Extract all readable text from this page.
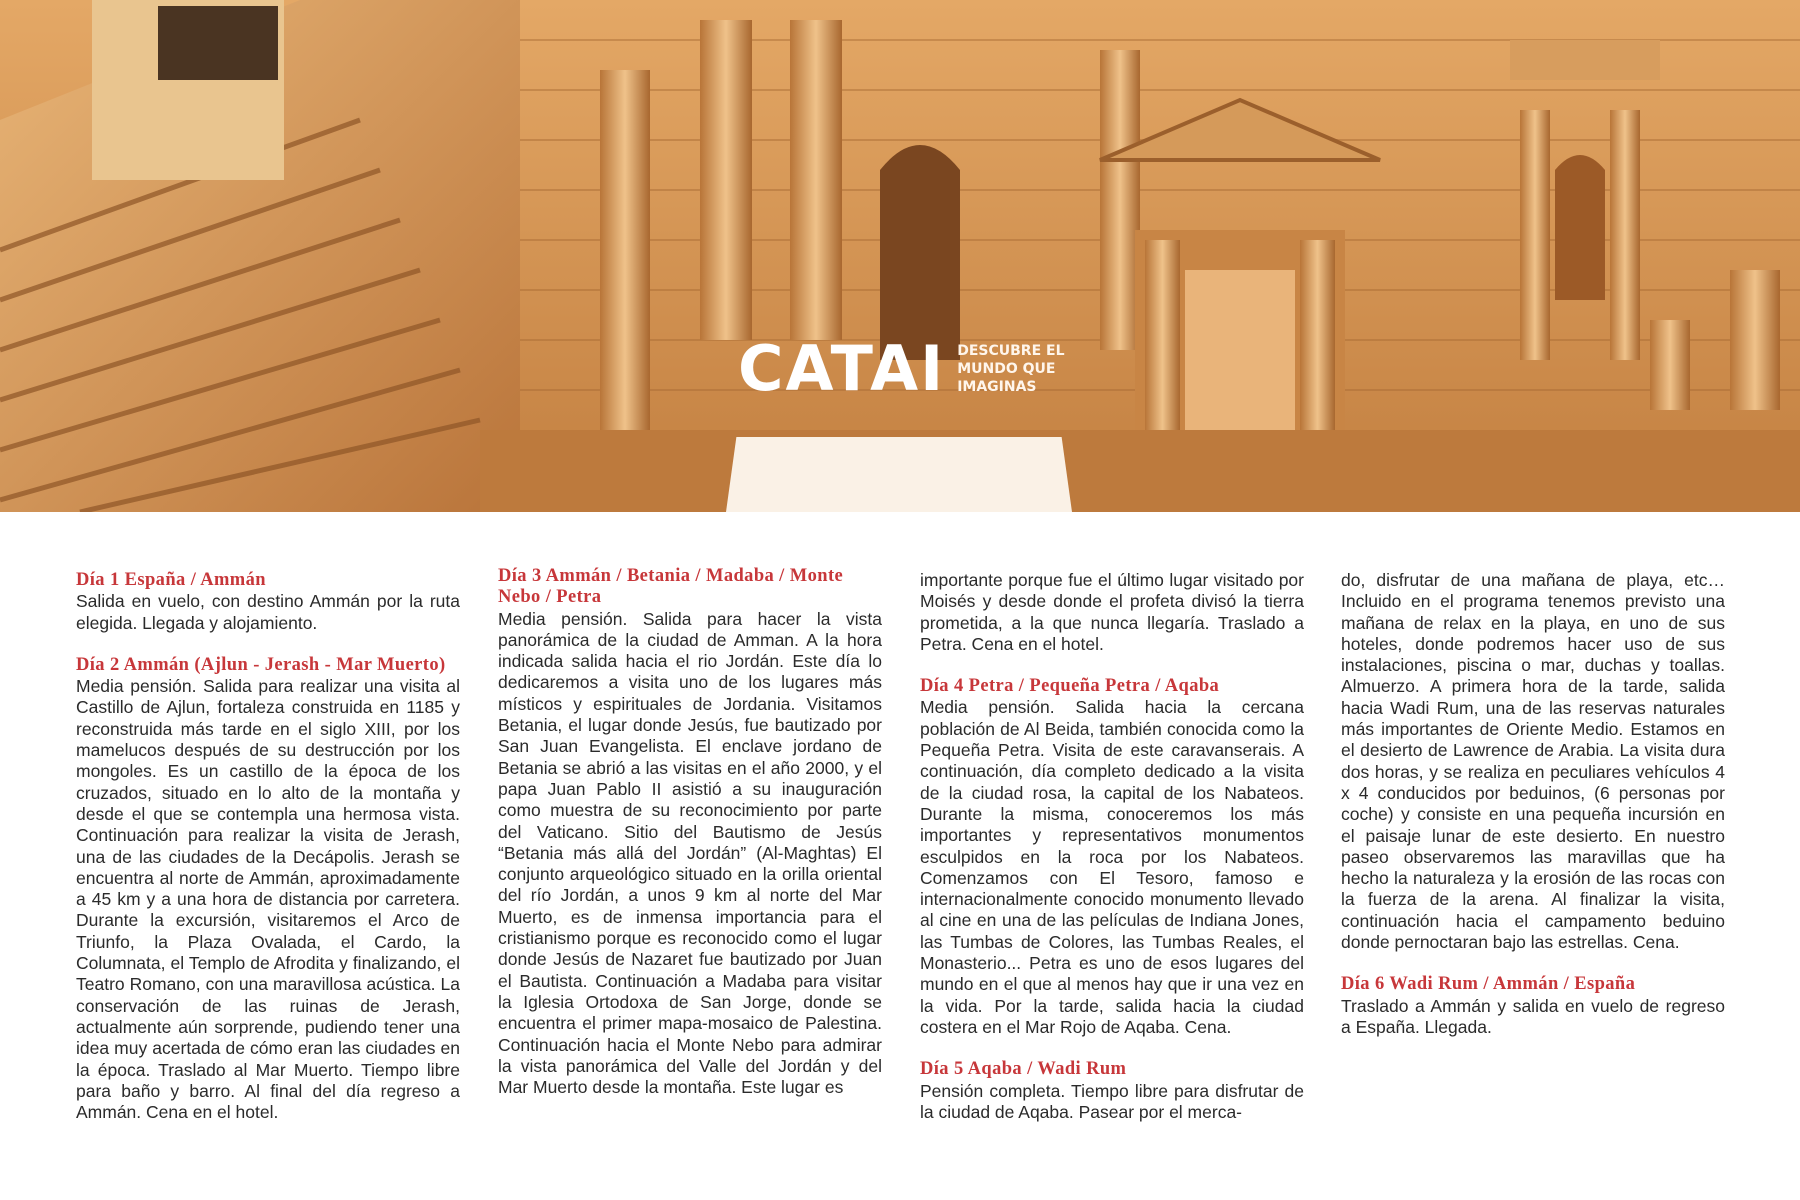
CATAI DESCUBRE EL MUNDO QUE IMAGINAS
Día 1 España / Ammán
Salida en vuelo, con destino Ammán por la ruta elegida. Llegada y alojamiento.
Día 2 Ammán (Ajlun - Jerash - Mar Muerto)
Media pensión. Salida para realizar una visita al Castillo de Ajlun, fortaleza construida en 1185 y reconstruida más tarde en el siglo XIII, por los mamelucos después de su destrucción por los mongoles. Es un castillo de la época de los cruzados, situado en lo alto de la montaña y desde el que se contempla una hermosa vista. Continuación para realizar la visita de Jerash, una de las ciudades de la Decápolis. Jerash se encuentra al norte de Ammán, aproximadamente a 45 km y a una hora de distancia por carretera. Durante la excursión, visitaremos el Arco de Triunfo, la Plaza Ovalada, el Cardo, la Columnata, el Templo de Afrodita y finalizando, el Teatro Romano, con una maravillosa acústica. La conservación de las ruinas de Jerash, actualmente aún sorprende, pudiendo tener una idea muy acertada de cómo eran las ciudades en la época. Traslado al Mar Muerto. Tiempo libre para baño y barro. Al final del día regreso a Ammán. Cena en el hotel.
Día 3 Ammán / Betania / Madaba / Monte Nebo / Petra
Media pensión. Salida para hacer la vista panorámica de la ciudad de Amman. A la hora indicada salida hacia el rio Jordán. Este día lo dedicaremos a visita uno de los lugares más místicos y espirituales de Jordania. Visitamos Betania, el lugar donde Jesús, fue bautizado por San Juan Evangelista. El enclave jordano de Betania se abrió a las visitas en el año 2000, y el papa Juan Pablo II asistió a su inauguración como muestra de su reconocimiento por parte del Vaticano. Sitio del Bautismo de Jesús “Betania más allá del Jordán” (Al-Maghtas) El conjunto arqueológico situado en la orilla oriental del río Jordán, a unos 9 km al norte del Mar Muerto, es de inmensa importancia para el cristianismo porque es reconocido como el lugar donde Jesús de Nazaret fue bautizado por Juan el Bautista. Continuación a Madaba para visitar la Iglesia Ortodoxa de San Jorge, donde se encuentra el primer mapa-mosaico de Palestina. Continuación hacia el Monte Nebo para admirar la vista panorámica del Valle del Jordán y del Mar Muerto desde la montaña. Este lugar es
importante porque fue el último lugar visitado por Moisés y desde donde el profeta divisó la tierra prometida, a la que nunca llegaría. Traslado a Petra. Cena en el hotel.
Día 4 Petra / Pequeña Petra / Aqaba
Media pensión. Salida hacia la cercana población de Al Beida, también conocida como la Pequeña Petra. Visita de este caravanserais. A continuación, día completo dedicado a la visita de la ciudad rosa, la capital de los Nabateos. Durante la misma, conoceremos los más importantes y representativos monumentos esculpidos en la roca por los Nabateos. Comenzamos con El Tesoro, famoso e internacionalmente conocido monumento llevado al cine en una de las películas de Indiana Jones, las Tumbas de Colores, las Tumbas Reales, el Monasterio... Petra es uno de esos lugares del mundo en el que al menos hay que ir una vez en la vida. Por la tarde, salida hacia la ciudad costera en el Mar Rojo de Aqaba. Cena.
Día 5 Aqaba / Wadi Rum
Pensión completa. Tiempo libre para disfrutar de la ciudad de Aqaba. Pasear por el merca-
do, disfrutar de una mañana de playa, etc… Incluido en el programa tenemos previsto una mañana de relax en la playa, en uno de sus hoteles, donde podremos hacer uso de sus instalaciones, piscina o mar, duchas y toallas. Almuerzo. A primera hora de la tarde, salida hacia Wadi Rum, una de las reservas naturales más importantes de Oriente Medio. Estamos en el desierto de Lawrence de Arabia. La visita dura dos horas, y se realiza en peculiares vehículos 4 x 4 conducidos por beduinos, (6 personas por coche) y consiste en una pequeña incursión en el paisaje lunar de este desierto. En nuestro paseo observaremos las maravillas que ha hecho la naturaleza y la erosión de las rocas con la fuerza de la arena. Al finalizar la visita, continuación hacia el campamento beduino donde pernoctaran bajo las estrellas. Cena.
Día 6 Wadi Rum / Ammán / España
Traslado a Ammán y salida en vuelo de regreso a España. Llegada.
